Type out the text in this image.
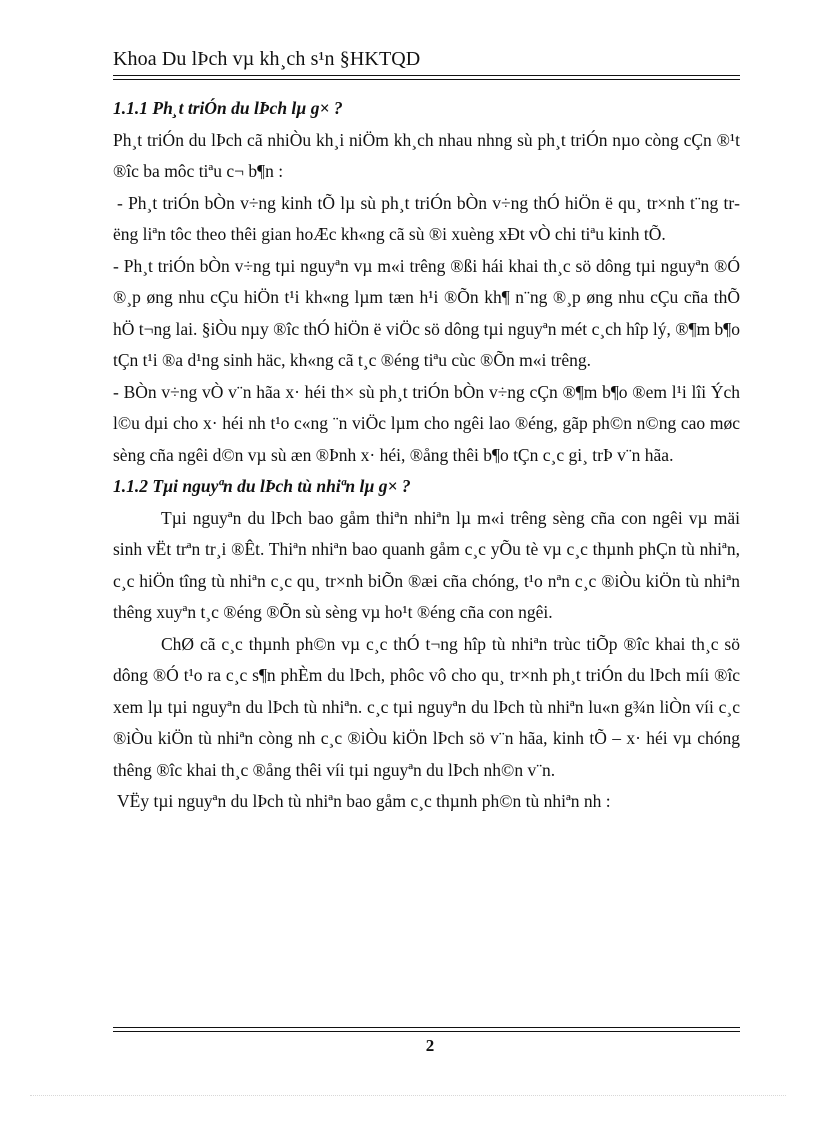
Khoa Du lÞch vµ kh¸ch s¹n §HKTQD

1.1.1 Ph¸t triÓn du lÞch lµ g× ?

Ph¸t triÓn du lÞch cã nhiÒu kh¸i niÖm kh¸ch nhau nhng sù ph¸t triÓn nµo còng cÇn ®¹t ®îc ba môc tiªu c¬ b¶n :

- Ph¸t triÓn bÒn v÷ng kinh tÕ lµ sù ph¸t triÓn bÒn v÷ng thÓ hiÖn ë qu¸ tr×nh t¨ng trëng liªn tôc theo thêi gian hoÆc kh«ng cã sù ®i xuèng xÐt vÒ chi tiªu kinh tÕ.

- Ph¸t triÓn bÒn v÷ng tµi nguyªn vµ m«i trêng ®ßi hái khai th¸c sö dông tµi nguyªn ®Ó ®¸p øng nhu cÇu hiÖn t¹i kh«ng lµm tæn h¹i ®Õn kh¶ n¨ng ®¸p øng nhu cÇu cña thÕ hÖ t¬ng lai. §iÒu nµy ®îc thÓ hiÖn ë viÖc sö dông tµi nguyªn mét c¸ch hîp lý, ®¶m b¶o tÇn t¹i ®a d¹ng sinh häc, kh«ng cã t¸c ®éng tiªu cùc ®Õn m«i trêng.

- BÒn v÷ng vÒ v¨n hãa x· héi th× sù ph¸t triÓn bÒn v÷ng cÇn ®¶m b¶o ®em l¹i lîi Ých l©u dµi cho x· héi nh t¹o c«ng ¨n viÖc lµm cho ngêi lao ®éng, gãp ph©n n©ng cao møc sèng cña ngêi d©n vµ sù æn ®Þnh x· héi, ®ång thêi b¶o tÇn c¸c gi¸ trÞ v¨n hãa.

1.1.2 Tµi nguyªn du lÞch tù nhiªn lµ g× ?

Tµi nguyªn du lÞch bao gåm thiªn nhiªn lµ m«i trêng sèng cña con ngêi vµ mäi sinh vËt trªn tr¸i ®Êt. Thiªn nhiªn bao quanh gåm c¸c yÕu tè vµ c¸c thµnh phÇn tù nhiªn, c¸c hiÖn tîng tù nhiªn c¸c qu¸ tr×nh biÕn ®æi cña chóng, t¹o nªn c¸c ®iÒu kiÖn tù nhiªn thêng xuyªn t¸c ®éng ®Õn sù sèng vµ ho¹t ®éng cña con ngêi.

ChØ cã c¸c thµnh ph©n vµ c¸c thÓ t¬ng hîp tù nhiªn trùc tiÕp ®îc khai th¸c sö dông ®Ó t¹o ra c¸c s¶n phÈm du lÞch, phôc vô cho qu¸ tr×nh ph¸t triÓn du lÞch míi ®îc xem lµ tµi nguyªn du lÞch tù nhiªn. c¸c tµi nguyªn du lÞch tù nhiªn lu«n g¾n liÒn víi c¸c ®iÒu kiÖn tù nhiªn còng nh c¸c ®iÒu kiÖn lÞch sö v¨n hãa, kinh tÕ – x· héi vµ chóng thêng ®îc khai th¸c ®ång thêi víi tµi nguyªn du lÞch nh©n v¨n.

VËy tµi nguyªn du lÞch tù nhiªn bao gåm c¸c thµnh ph©n tù nhiªn nh :

2
